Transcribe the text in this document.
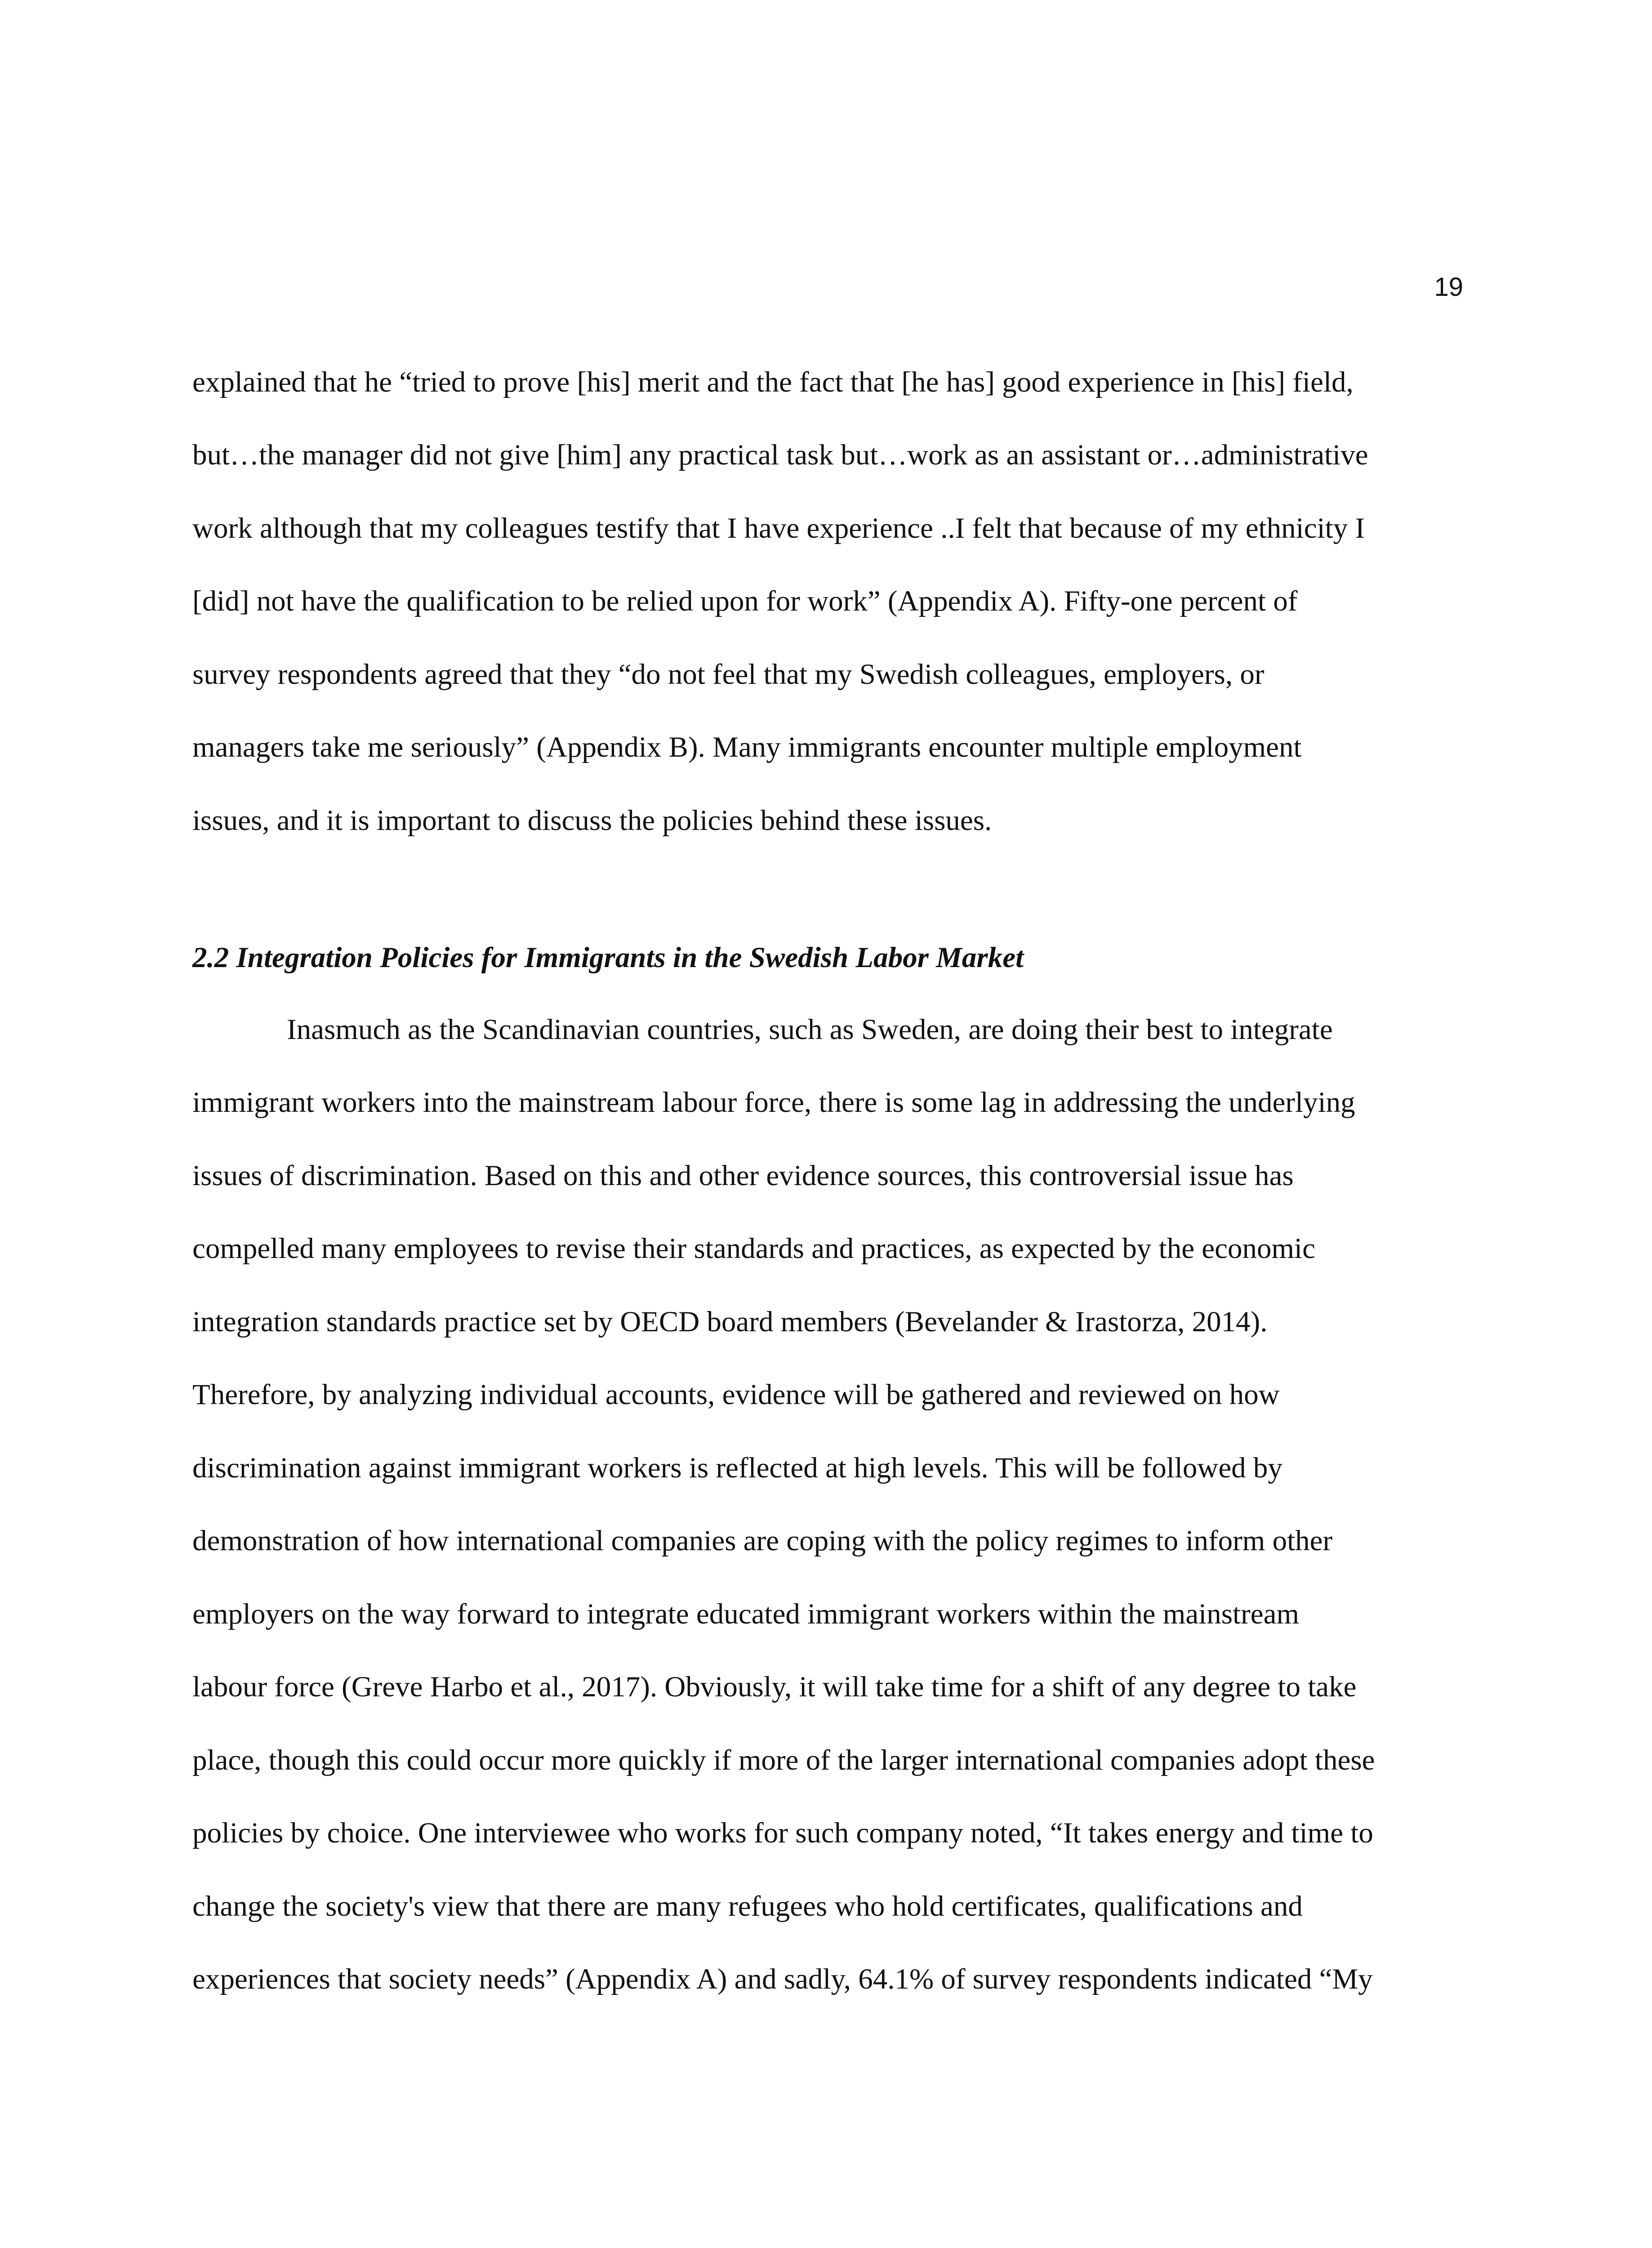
19
explained that he “tried to prove [his] merit and the fact that [he has] good experience in [his] field,
but…the manager did not give [him] any practical task but…work as an assistant or…administrative
work although that my colleagues testify that I have experience ..I felt that because of my ethnicity I
[did] not have the qualification to be relied upon for work” (Appendix A). Fifty-one percent of
survey respondents agreed that they “do not feel that my Swedish colleagues, employers, or
managers take me seriously” (Appendix B). Many immigrants encounter multiple employment
issues, and it is important to discuss the policies behind these issues.
2.2 Integration Policies for Immigrants in the Swedish Labor Market
Inasmuch as the Scandinavian countries, such as Sweden, are doing their best to integrate
immigrant workers into the mainstream labour force, there is some lag in addressing the underlying
issues of discrimination. Based on this and other evidence sources, this controversial issue has
compelled many employees to revise their standards and practices, as expected by the economic
integration standards practice set by OECD board members (Bevelander & Irastorza, 2014).
Therefore, by analyzing individual accounts, evidence will be gathered and reviewed on how
discrimination against immigrant workers is reflected at high levels. This will be followed by
demonstration of how international companies are coping with the policy regimes to inform other
employers on the way forward to integrate educated immigrant workers within the mainstream
labour force (Greve Harbo et al., 2017). Obviously, it will take time for a shift of any degree to take
place, though this could occur more quickly if more of the larger international companies adopt these
policies by choice. One interviewee who works for such company noted, “It takes energy and time to
change the society's view that there are many refugees who hold certificates, qualifications and
experiences that society needs” (Appendix A) and sadly, 64.1% of survey respondents indicated “My
